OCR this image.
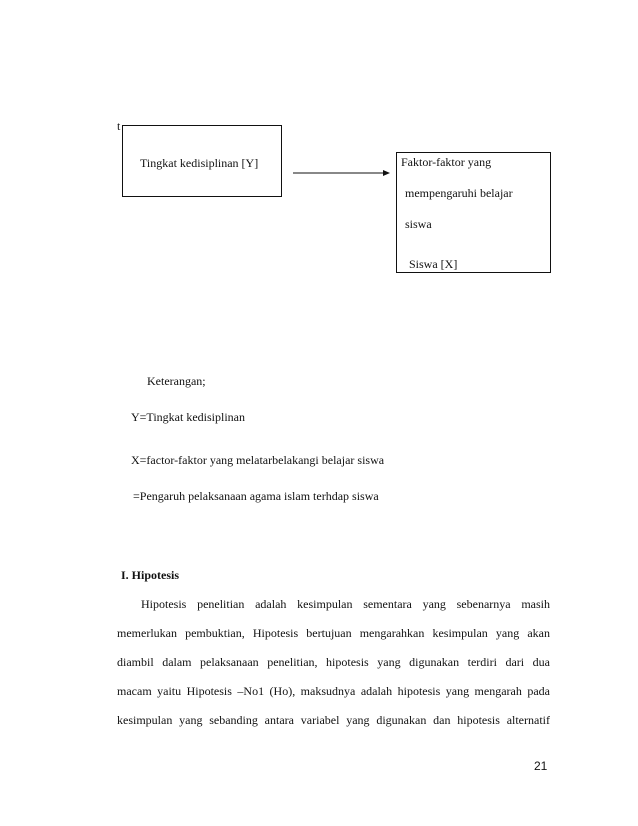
t
Tingkat kedisiplinan [Y]	Faktor-faktor yang
mempengaruhi belajar
siswa
Siswa [X]
Keterangan;
Y=Tingkat kedisiplinan
X=factor-faktor yang melatarbelakangi belajar siswa
=Pengaruh pelaksanaan agama islam terhdap siswa
I. Hipotesis
Hipotesis penelitian adalah kesimpulan sementara yang sebenarnya masih
memerlukan pembuktian, Hipotesis bertujuan mengarahkan kesimpulan yang akan
diambil dalam pelaksanaan penelitian, hipotesis yang digunakan terdiri dari dua
macam yaitu Hipotesis –No1 (Ho), maksudnya adalah hipotesis yang mengarah pada
kesimpulan yang sebanding antara variabel yang digunakan dan hipotesis alternatif
21
